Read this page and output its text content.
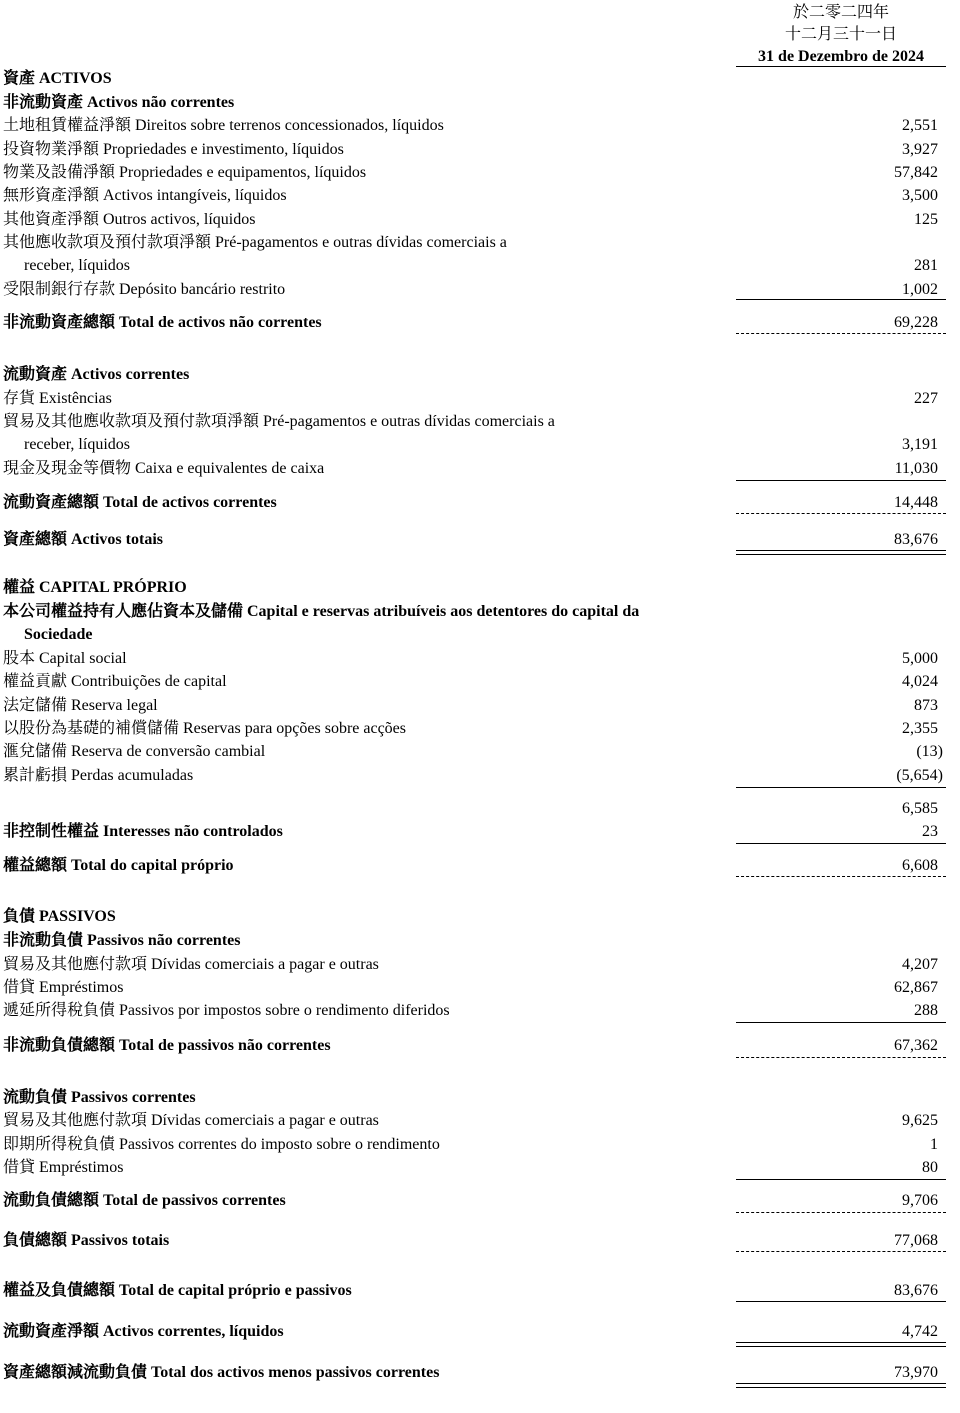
於二零二四年
十二月三十一日
31 de Dezembro de 2024
資產 ACTIVOS
非流動資產 Activos não correntes
土地租賃權益淨額 Direitos sobre terrenos concessionados, líquidos	2,551
投資物業淨額 Propriedades e investimento, líquidos	3,927
物業及設備淨額 Propriedades e equipamentos, líquidos	57,842
無形資產淨額 Activos intangíveis, líquidos	3,500
其他資產淨額 Outros activos, líquidos	125
其他應收款項及預付款項淨額 Pré-pagamentos e outras dívidas comerciais a
receber, líquidos	281
受限制銀行存款 Depósito bancário restrito	1,002
非流動資產總額 Total de activos não correntes	69,228
流動資產 Activos correntes
存貨 Existências	227
貿易及其他應收款項及預付款項淨額 Pré-pagamentos e outras dívidas comerciais a
receber, líquidos	3,191
現金及現金等價物 Caixa e equivalentes de caixa	11,030
流動資產總額 Total de activos correntes	14,448
資產總額 Activos totais	83,676
權益 CAPITAL PRÓPRIO
本公司權益持有人應佔資本及儲備 Capital e reservas atribuíveis aos detentores do capital da
Sociedade
股本 Capital social	5,000
權益貢獻 Contribuições de capital	4,024
法定儲備 Reserva legal	873
以股份為基礎的補償儲備 Reservas para opções sobre acções	2,355
滙兌儲備 Reserva de conversão cambial	(13)
累計虧損 Perdas acumuladas	(5,654)
6,585
非控制性權益 Interesses não controlados	23
權益總額 Total do capital próprio	6,608
負債 PASSIVOS
非流動負債 Passivos não correntes
貿易及其他應付款項 Dívidas comerciais a pagar e outras	4,207
借貸 Empréstimos	62,867
遞延所得稅負債 Passivos por impostos sobre o rendimento diferidos	288
非流動負債總額 Total de passivos não correntes	67,362
流動負債 Passivos correntes
貿易及其他應付款項 Dívidas comerciais a pagar e outras	9,625
即期所得稅負債 Passivos correntes do imposto sobre o rendimento	1
借貸 Empréstimos	80
流動負債總額 Total de passivos correntes	9,706
負債總額 Passivos totais	77,068
權益及負債總額 Total de capital próprio e passivos	83,676
流動資產淨額 Activos correntes, líquidos	4,742
資產總額減流動負債 Total dos activos menos passivos correntes	73,970
